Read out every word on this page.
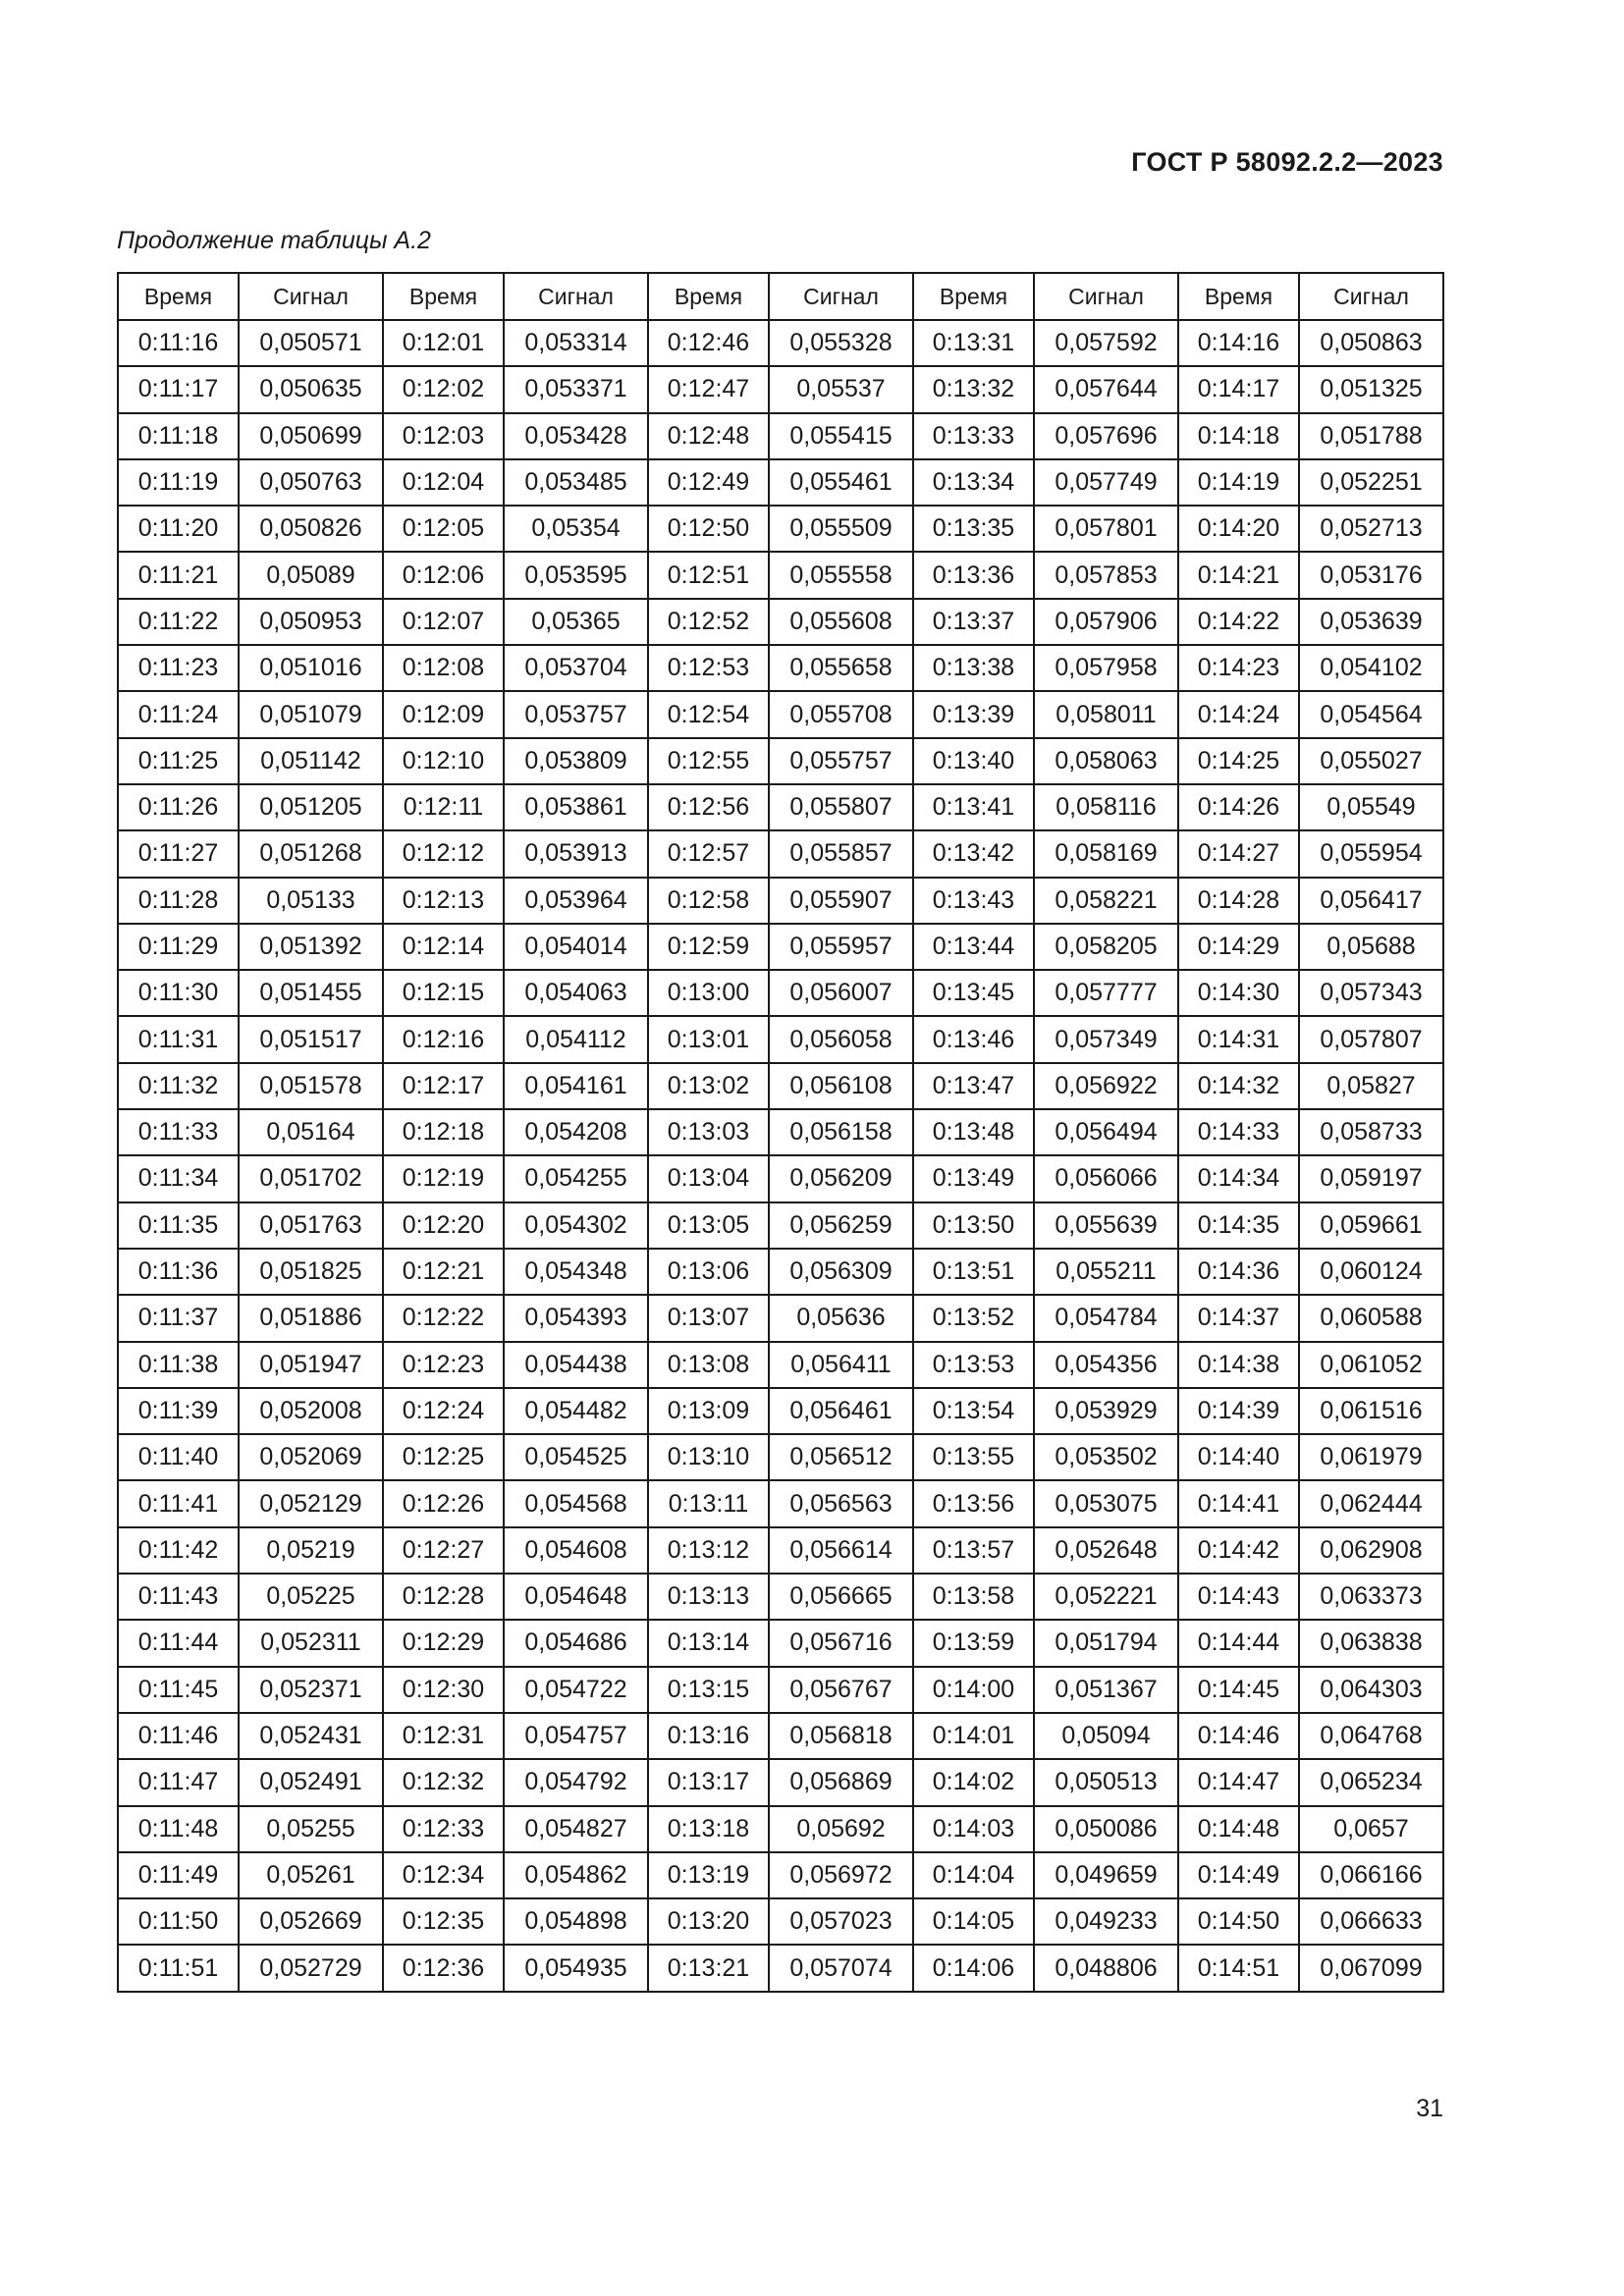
ГОСТ Р 58092.2.2—2023
Продолжение таблицы А.2
Время	Сигнал	Время	Сигнал	Время	Сигнал	Время	Сигнал	Время	Сигнал
0:11:16	0,050571	0:12:01	0,053314	0:12:46	0,055328	0:13:31	0,057592	0:14:16	0,050863
0:11:17	0,050635	0:12:02	0,053371	0:12:47	0,05537	0:13:32	0,057644	0:14:17	0,051325
0:11:18	0,050699	0:12:03	0,053428	0:12:48	0,055415	0:13:33	0,057696	0:14:18	0,051788
0:11:19	0,050763	0:12:04	0,053485	0:12:49	0,055461	0:13:34	0,057749	0:14:19	0,052251
0:11:20	0,050826	0:12:05	0,05354	0:12:50	0,055509	0:13:35	0,057801	0:14:20	0,052713
0:11:21	0,05089	0:12:06	0,053595	0:12:51	0,055558	0:13:36	0,057853	0:14:21	0,053176
0:11:22	0,050953	0:12:07	0,05365	0:12:52	0,055608	0:13:37	0,057906	0:14:22	0,053639
0:11:23	0,051016	0:12:08	0,053704	0:12:53	0,055658	0:13:38	0,057958	0:14:23	0,054102
0:11:24	0,051079	0:12:09	0,053757	0:12:54	0,055708	0:13:39	0,058011	0:14:24	0,054564
0:11:25	0,051142	0:12:10	0,053809	0:12:55	0,055757	0:13:40	0,058063	0:14:25	0,055027
0:11:26	0,051205	0:12:11	0,053861	0:12:56	0,055807	0:13:41	0,058116	0:14:26	0,05549
0:11:27	0,051268	0:12:12	0,053913	0:12:57	0,055857	0:13:42	0,058169	0:14:27	0,055954
0:11:28	0,05133	0:12:13	0,053964	0:12:58	0,055907	0:13:43	0,058221	0:14:28	0,056417
0:11:29	0,051392	0:12:14	0,054014	0:12:59	0,055957	0:13:44	0,058205	0:14:29	0,05688
0:11:30	0,051455	0:12:15	0,054063	0:13:00	0,056007	0:13:45	0,057777	0:14:30	0,057343
0:11:31	0,051517	0:12:16	0,054112	0:13:01	0,056058	0:13:46	0,057349	0:14:31	0,057807
0:11:32	0,051578	0:12:17	0,054161	0:13:02	0,056108	0:13:47	0,056922	0:14:32	0,05827
0:11:33	0,05164	0:12:18	0,054208	0:13:03	0,056158	0:13:48	0,056494	0:14:33	0,058733
0:11:34	0,051702	0:12:19	0,054255	0:13:04	0,056209	0:13:49	0,056066	0:14:34	0,059197
0:11:35	0,051763	0:12:20	0,054302	0:13:05	0,056259	0:13:50	0,055639	0:14:35	0,059661
0:11:36	0,051825	0:12:21	0,054348	0:13:06	0,056309	0:13:51	0,055211	0:14:36	0,060124
0:11:37	0,051886	0:12:22	0,054393	0:13:07	0,05636	0:13:52	0,054784	0:14:37	0,060588
0:11:38	0,051947	0:12:23	0,054438	0:13:08	0,056411	0:13:53	0,054356	0:14:38	0,061052
0:11:39	0,052008	0:12:24	0,054482	0:13:09	0,056461	0:13:54	0,053929	0:14:39	0,061516
0:11:40	0,052069	0:12:25	0,054525	0:13:10	0,056512	0:13:55	0,053502	0:14:40	0,061979
0:11:41	0,052129	0:12:26	0,054568	0:13:11	0,056563	0:13:56	0,053075	0:14:41	0,062444
0:11:42	0,05219	0:12:27	0,054608	0:13:12	0,056614	0:13:57	0,052648	0:14:42	0,062908
0:11:43	0,05225	0:12:28	0,054648	0:13:13	0,056665	0:13:58	0,052221	0:14:43	0,063373
0:11:44	0,052311	0:12:29	0,054686	0:13:14	0,056716	0:13:59	0,051794	0:14:44	0,063838
0:11:45	0,052371	0:12:30	0,054722	0:13:15	0,056767	0:14:00	0,051367	0:14:45	0,064303
0:11:46	0,052431	0:12:31	0,054757	0:13:16	0,056818	0:14:01	0,05094	0:14:46	0,064768
0:11:47	0,052491	0:12:32	0,054792	0:13:17	0,056869	0:14:02	0,050513	0:14:47	0,065234
0:11:48	0,05255	0:12:33	0,054827	0:13:18	0,05692	0:14:03	0,050086	0:14:48	0,0657
0:11:49	0,05261	0:12:34	0,054862	0:13:19	0,056972	0:14:04	0,049659	0:14:49	0,066166
0:11:50	0,052669	0:12:35	0,054898	0:13:20	0,057023	0:14:05	0,049233	0:14:50	0,066633
0:11:51	0,052729	0:12:36	0,054935	0:13:21	0,057074	0:14:06	0,048806	0:14:51	0,067099
31
